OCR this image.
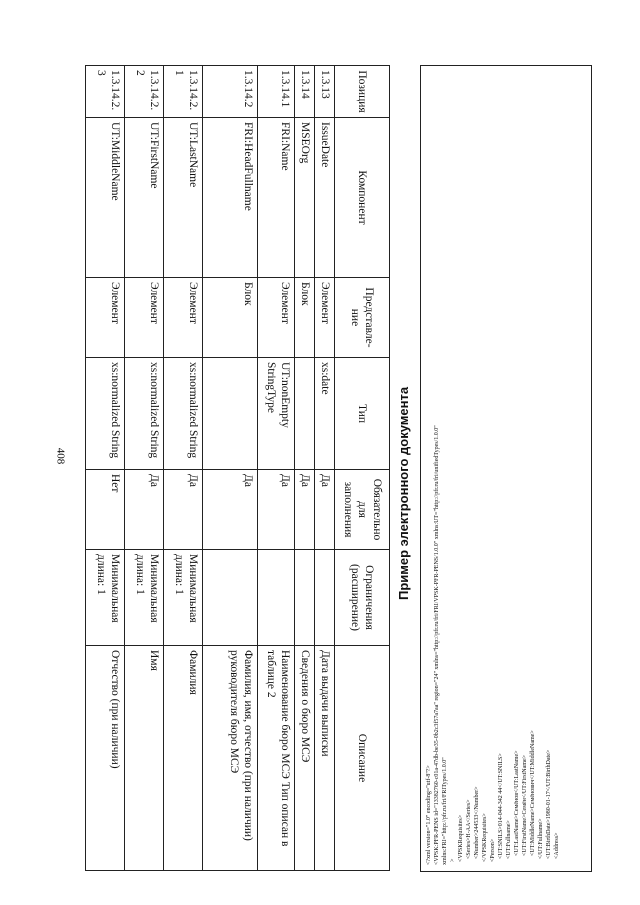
408
Позиция	Компонент	Представле-ние	Тип	Обязательно для заполнения	Ограничения (расширение)	Описание
1.3.13	IssueDate	Элемент	xs:date	Да		Дата выдачи выписки
1.3.14	MSEOrg	Блок		Да		Сведения о бюро МСЭ
1.3.14.1	FRI:Name	Элемент	UT:nonEmpty StringType	Да		Наименование бюро МСЭ Тип описан в таблице 2
1.3.14.2	FRI:HeadFullname	Блок		Да		Фамилия, имя, отчество (при наличии) руководителя бюро МСЭ
1.3.14.2.1	UT:LastName	Элемент	xs:normalized String	Да	Минимальная длина: 1	Фамилия
1.3.14.2.2	UT:FirstName	Элемент	xs:normalized String	Да	Минимальная длина: 1	Имя
1.3.14.2.3	UT:MiddleName	Элемент	xs:normalized String	Нет	Минимальная длина: 1	Отчество (при наличии)
Пример электронного документа
<?xml version="1.0" encoding="utf-8"?>
<VPSK:PFR-PENS id="13382760-c01a-47db-be35-0b2c3f57a7aa" region="24" xmlns="http://pfr.ru/fri/FRI/VPSK-PFR-PENS/1.0.0" xmlns:UT="http://pfr.ru/fri/unifiedTypes/1.0.0"
xmlns:FRI="http://pfr.ru/fri/FRITypes/1.0.0"
>
<VPSKRequisites>
<Series>Н-АА</Series>
<Number>244533</Number>
</VPSKRequisites>
<Person>
<UT:SNILS>014-044-342 44</UT:SNILS>
<UT:Fullname>
<UT:LastName>Семёнов</UT:LastName>
<UT:FirstName>Семён</UT:FirstName>
<UT:MiddleName>Семёнович</UT:MiddleName>
</UT:Fullname>
<UT:BirthDate>1980-01-17</UT:BirthDate>
<Address>
